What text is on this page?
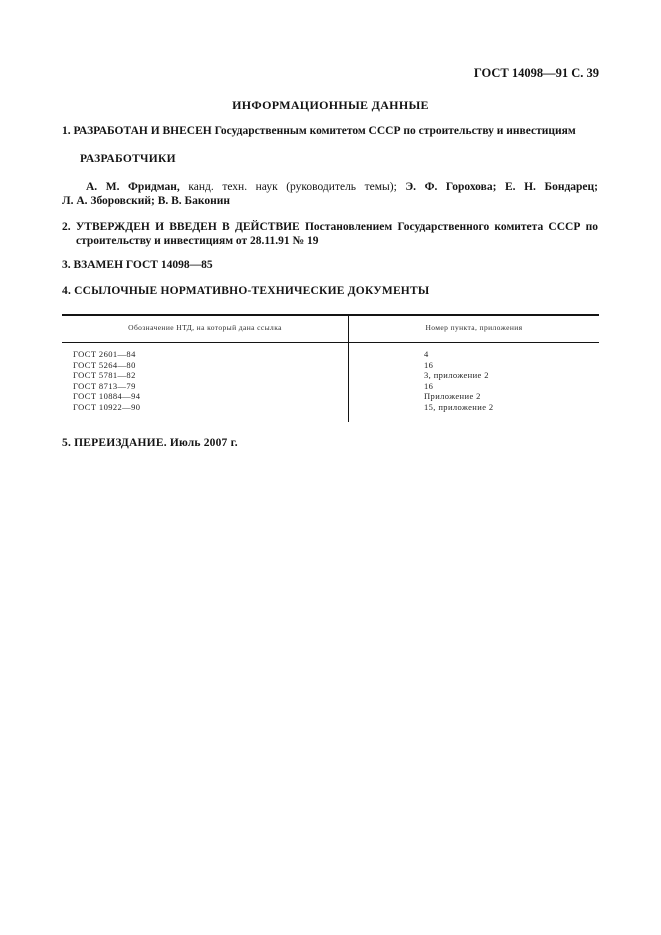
ГОСТ 14098—91 С. 39
ИНФОРМАЦИОННЫЕ ДАННЫЕ
1. РАЗРАБОТАН И ВНЕСЕН Государственным комитетом СССР по строительству и инвестициям
РАЗРАБОТЧИКИ
А. М. Фридман, канд. техн. наук (руководитель темы); Э. Ф. Горохова; Е. Н. Бондарец;
Л. А. Зборовский; В. В. Баконин
2. УТВЕРЖДЕН И ВВЕДЕН В ДЕЙСТВИЕ Постановлением Государственного комитета СССР по
строительству и инвестициям от 28.11.91 № 19
3. ВЗАМЕН ГОСТ 14098—85
4. ССЫЛОЧНЫЕ НОРМАТИВНО-ТЕХНИЧЕСКИЕ ДОКУМЕНТЫ
Обозначение НТД, на который дана ссылка	Номер пункта, приложения
ГОСТ 2601—84
ГОСТ 5264—80
ГОСТ 5781—82
ГОСТ 8713—79
ГОСТ 10884—94
ГОСТ 10922—90
4
16
3, приложение 2
16
Приложение 2
15, приложение 2
5. ПЕРЕИЗДАНИЕ. Июль 2007 г.
